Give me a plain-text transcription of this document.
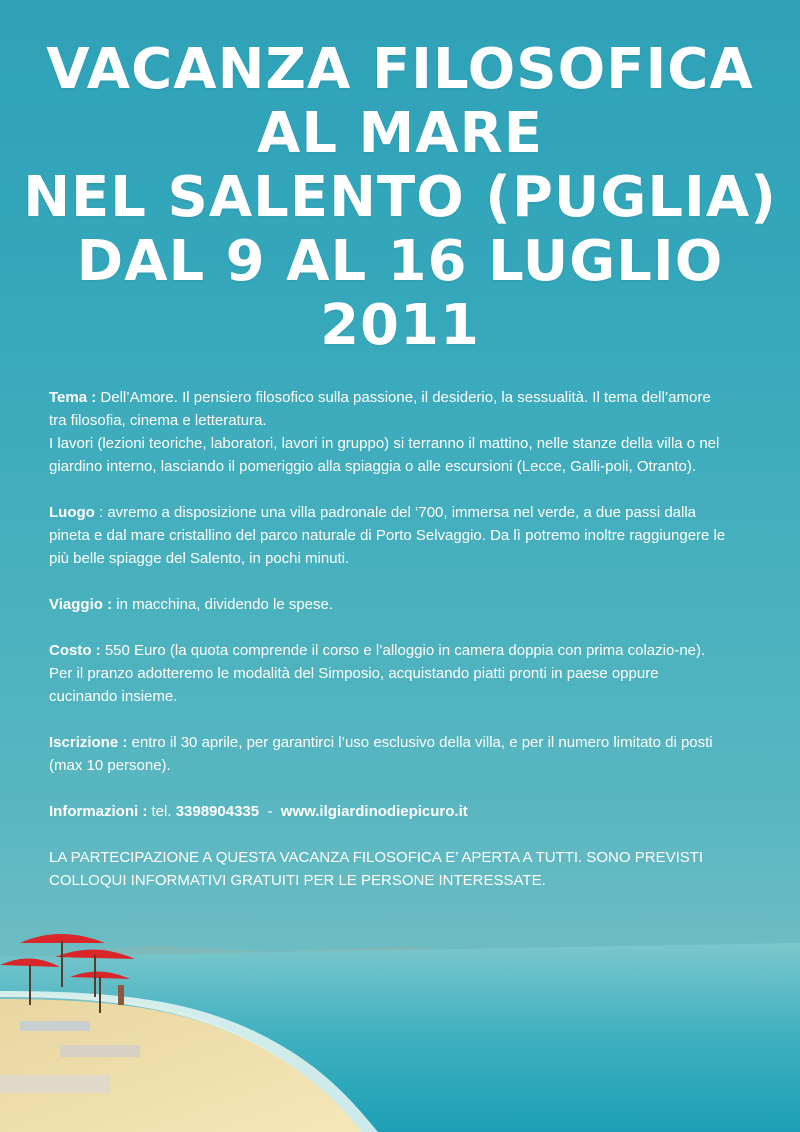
VACANZA FILOSOFICA
AL MARE
NEL SALENTO (PUGLIA)
DAL 9 AL 16 LUGLIO
2011

Tema : Dell’Amore. Il pensiero filosofico sulla passione, il desiderio, la sessualità. Il tema dell’amore tra filosofia, cinema e letteratura.
I lavori (lezioni teoriche, laboratori, lavori in gruppo) si terranno il mattino, nelle stanze della villa o nel giardino interno, lasciando il pomeriggio alla spiaggia o alle escursioni (Lecce, Galli-poli, Otranto).

Luogo : avremo a disposizione una villa padronale del ‘700, immersa nel verde, a due passi dalla pineta e dal mare cristallino del parco naturale di Porto Selvaggio. Da lì potremo inoltre raggiungere le più belle spiagge del Salento, in pochi minuti.

Viaggio : in macchina, dividendo le spese.

Costo : 550 Euro (la quota comprende il corso e l’alloggio in camera doppia con prima colazio-ne). Per il pranzo adotteremo le modalità del Simposio, acquistando piatti pronti in paese oppure cucinando insieme.

Iscrizione : entro il 30 aprile, per garantirci l’uso esclusivo della villa, e per il numero limitato di posti (max 10 persone).

Informazioni : tel. 3398904335  -  www.ilgiardinodiepicuro.it

LA PARTECIPAZIONE A QUESTA VACANZA FILOSOFICA E’ APERTA A TUTTI. SONO PREVISTI COLLOQUI INFORMATIVI GRATUITI PER LE PERSONE INTERESSATE.
